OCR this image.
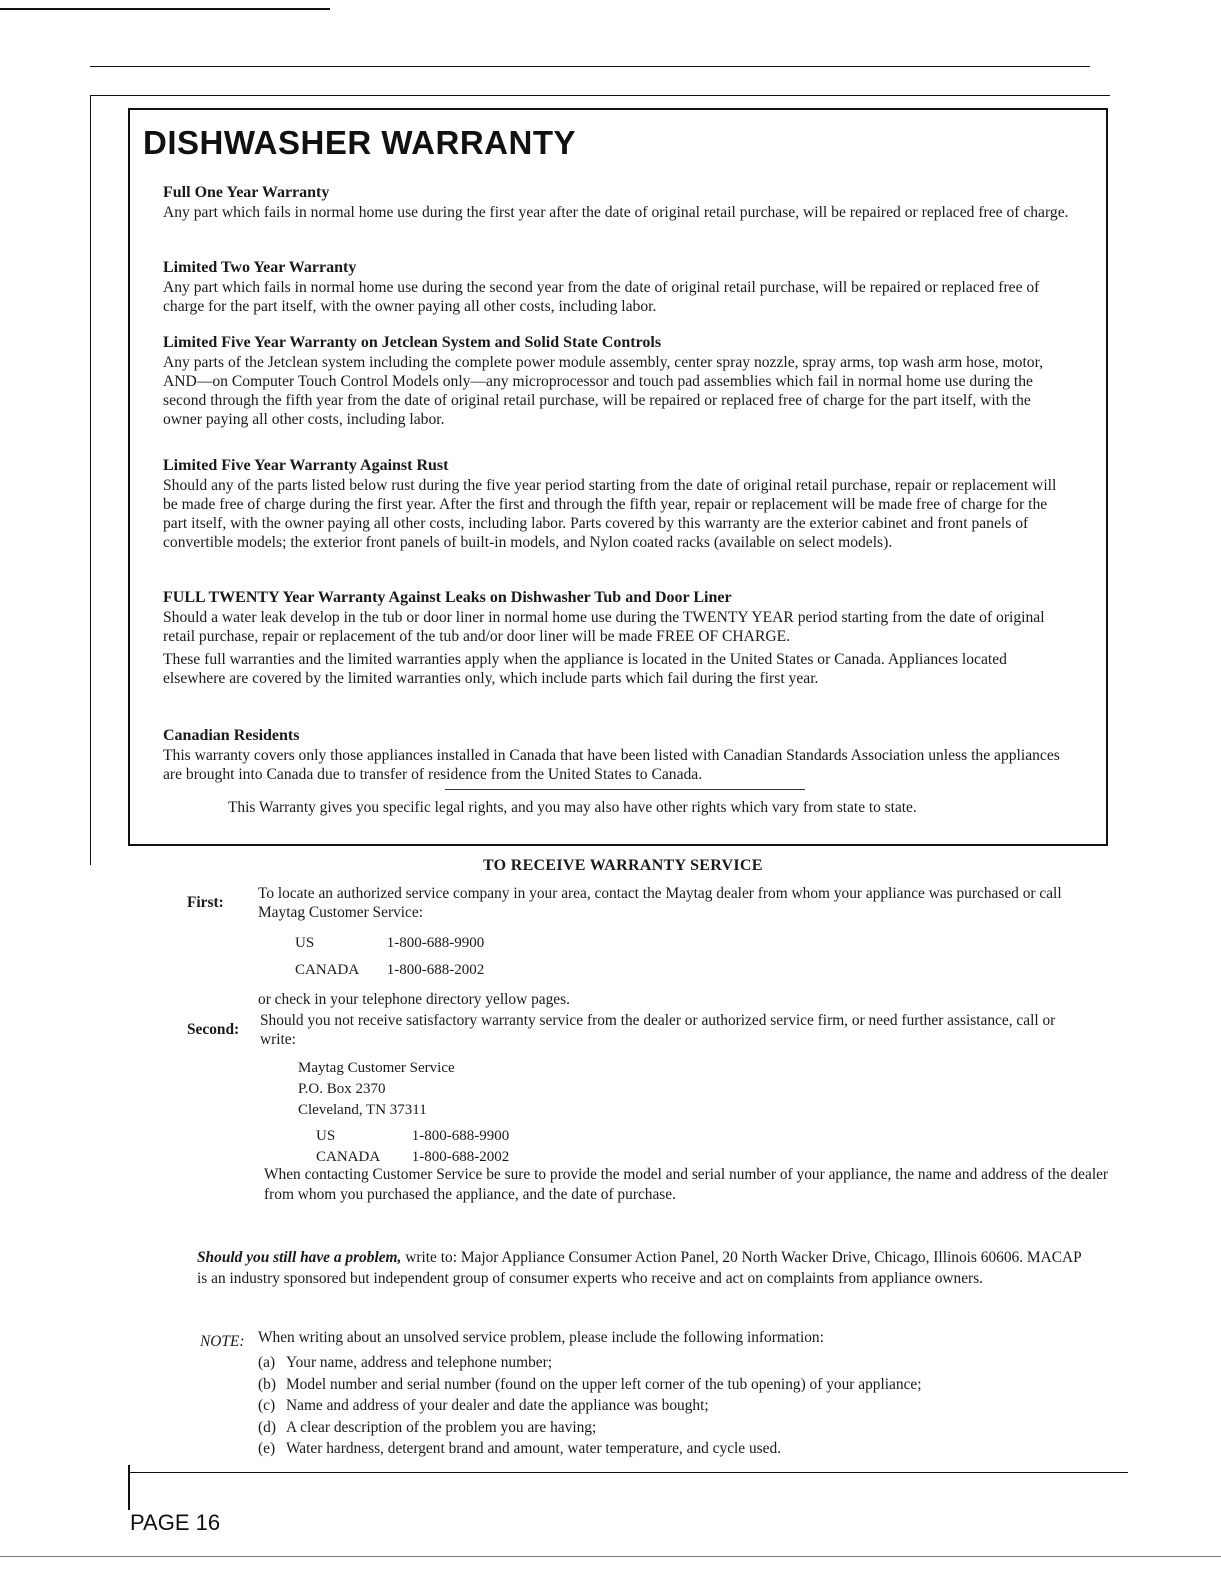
DISHWASHER WARRANTY
Full One Year Warranty

Any part which fails in normal home use during the first year after the date of original retail purchase, will be repaired or replaced free of charge.

Limited Two Year Warranty

Any part which fails in normal home use during the second year from the date of original retail purchase, will be repaired or replaced free of charge for the part itself, with the owner paying all other costs, including labor.

Limited Five Year Warranty on Jetclean System and Solid State Controls

Any parts of the Jetclean system including the complete power module assembly, center spray nozzle, spray arms, top wash arm hose, motor, AND—on Computer Touch Control Models only—any microprocessor and touch pad assemblies which fail in normal home use during the second through the fifth year from the date of original retail purchase, will be repaired or replaced free of charge for the part itself, with the owner paying all other costs, including labor.

Limited Five Year Warranty Against Rust

Should any of the parts listed below rust during the five year period starting from the date of original retail purchase, repair or replacement will be made free of charge during the first year. After the first and through the fifth year, repair or replacement will be made free of charge for the part itself, with the owner paying all other costs, including labor. Parts covered by this warranty are the exterior cabinet and front panels of convertible models; the exterior front panels of built-in models, and Nylon coated racks (available on select models).

FULL TWENTY Year Warranty Against Leaks on Dishwasher Tub and Door Liner

Should a water leak develop in the tub or door liner in normal home use during the TWENTY YEAR period starting from the date of original retail purchase, repair or replacement of the tub and/or door liner will be made FREE OF CHARGE.

These full warranties and the limited warranties apply when the appliance is located in the United States or Canada. Appliances located elsewhere are covered by the limited warranties only, which include parts which fail during the first year.

Canadian Residents

This warranty covers only those appliances installed in Canada that have been listed with Canadian Standards Association unless the appliances are brought into Canada due to transfer of residence from the United States to Canada.

This Warranty gives you specific legal rights, and you may also have other rights which vary from state to state.
TO RECEIVE WARRANTY SERVICE
First:
To locate an authorized service company in your area, contact the Maytag dealer from whom your appliance was purchased or call Maytag Customer Service:
US	1-800-688-9900
CANADA 1-800-688-2002
or check in your telephone directory yellow pages.
Second:
Should you not receive satisfactory warranty service from the dealer or authorized service firm, or need further assistance, call or write:
Maytag Customer Service
P.O. Box 2370
Cleveland, TN 37311
US	1-800-688-9900
CANADA 1-800-688-2002
When contacting Customer Service be sure to provide the model and serial number of your appliance, the name and address of the dealer from whom you purchased the appliance, and the date of purchase.
Should you still have a problem, write to: Major Appliance Consumer Action Panel, 20 North Wacker Drive, Chicago, Illinois 60606. MACAP is an industry sponsored but independent group of consumer experts who receive and act on complaints from appliance owners.
NOTE: When writing about an unsolved service problem, please include the following information:
(a) Your name, address and telephone number;
(b) Model number and serial number (found on the upper left corner of the tub opening) of your appliance;
(c) Name and address of your dealer and date the appliance was bought;
(d) A clear description of the problem you are having;
(e) Water hardness, detergent brand and amount, water temperature, and cycle used.
PAGE 16
